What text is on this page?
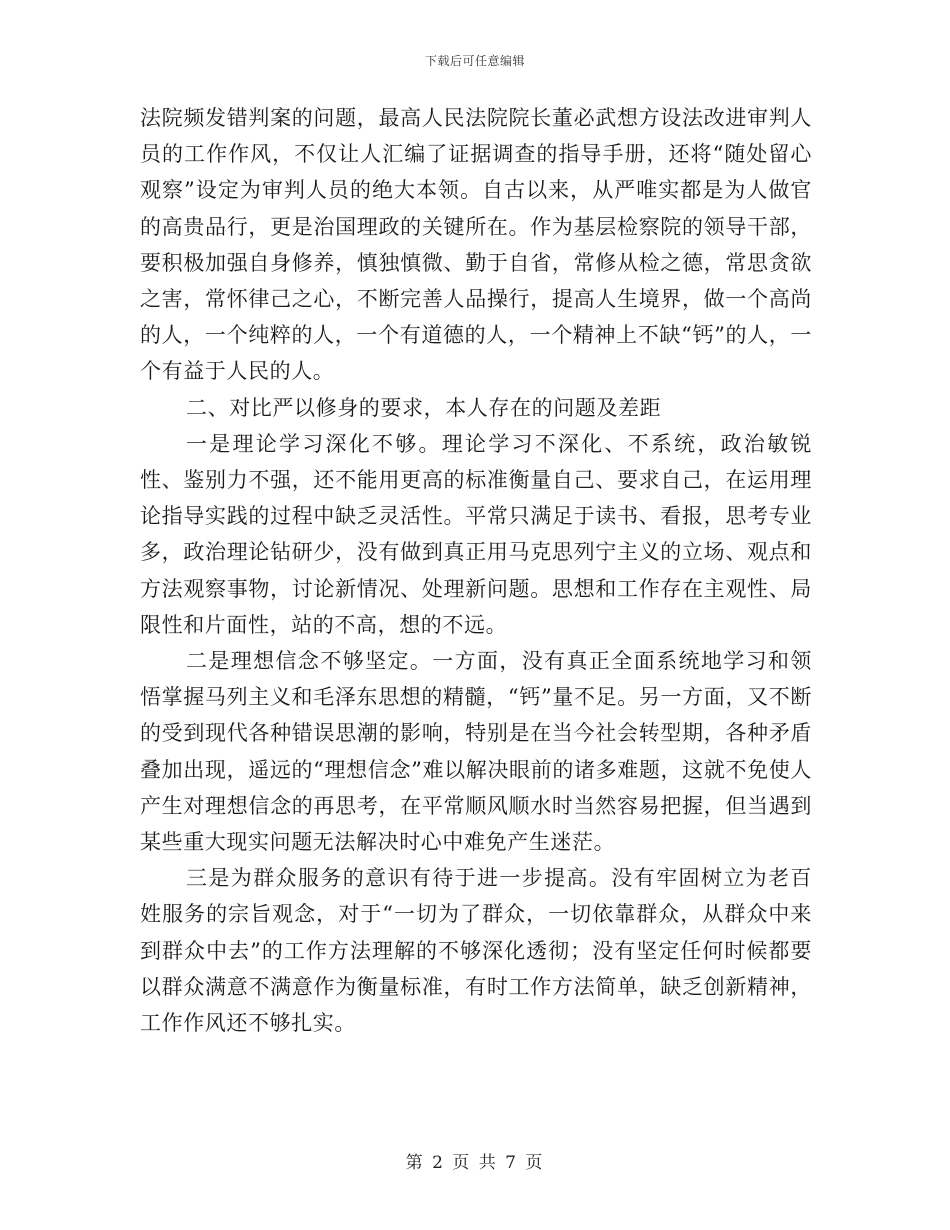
下载后可任意编辑

法院频发错判案的问题，最高人民法院院长董必武想方设法改进审判人员的工作作风，不仅让人汇编了证据调查的指导手册，还将“随处留心观察”设定为审判人员的绝大本领。自古以来，从严唯实都是为人做官的高贵品行，更是治国理政的关键所在。作为基层检察院的领导干部，要积极加强自身修养，慎独慎微、勤于自省，常修从检之德，常思贪欲之害，常怀律己之心，不断完善人品操行，提高人生境界，做一个高尚的人，一个纯粹的人，一个有道德的人，一个精神上不缺“钙”的人，一个有益于人民的人。

二、对比严以修身的要求，本人存在的问题及差距

一是理论学习深化不够。理论学习不深化、不系统，政治敏锐性、鉴别力不强，还不能用更高的标准衡量自己、要求自己，在运用理论指导实践的过程中缺乏灵活性。平常只满足于读书、看报，思考专业多，政治理论钻研少，没有做到真正用马克思列宁主义的立场、观点和方法观察事物，讨论新情况、处理新问题。思想和工作存在主观性、局限性和片面性，站的不高，想的不远。

二是理想信念不够坚定。一方面，没有真正全面系统地学习和领悟掌握马列主义和毛泽东思想的精髓，“钙”量不足。另一方面，又不断的受到现代各种错误思潮的影响，特别是在当今社会转型期，各种矛盾叠加出现，遥远的“理想信念”难以解决眼前的诸多难题，这就不免使人产生对理想信念的再思考，在平常顺风顺水时当然容易把握，但当遇到某些重大现实问题无法解决时心中难免产生迷茫。

三是为群众服务的意识有待于进一步提高。没有牢固树立为老百姓服务的宗旨观念，对于“一切为了群众，一切依靠群众，从群众中来到群众中去”的工作方法理解的不够深化透彻；没有坚定任何时候都要以群众满意不满意作为衡量标准，有时工作方法简单，缺乏创新精神，工作作风还不够扎实。

第 2 页 共 7 页
